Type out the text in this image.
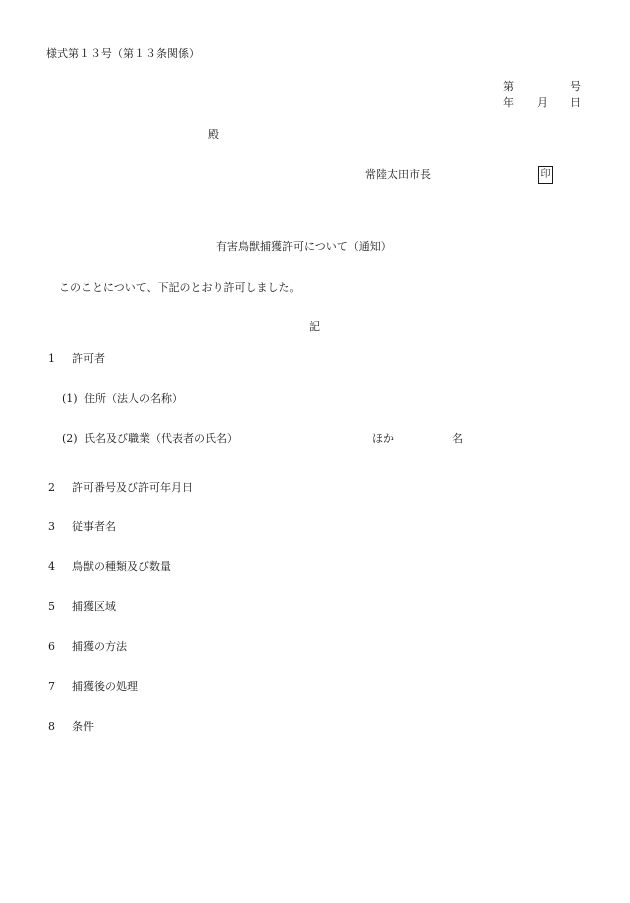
様式第１３号（第１３条関係）
第	号
年 月 日
殿
常陸太田市長	印
有害鳥獣捕獲許可について（通知）
このことについて、下記のとおり許可しました。
記
1 許可者
(1) 住所（法人の名称）
(2) 氏名及び職業（代表者の氏名）	ほか	名
2 許可番号及び許可年月日
3 従事者名
4 鳥獣の種類及び数量
5 捕獲区域
6 捕獲の方法
7 捕獲後の処理
8 条件
